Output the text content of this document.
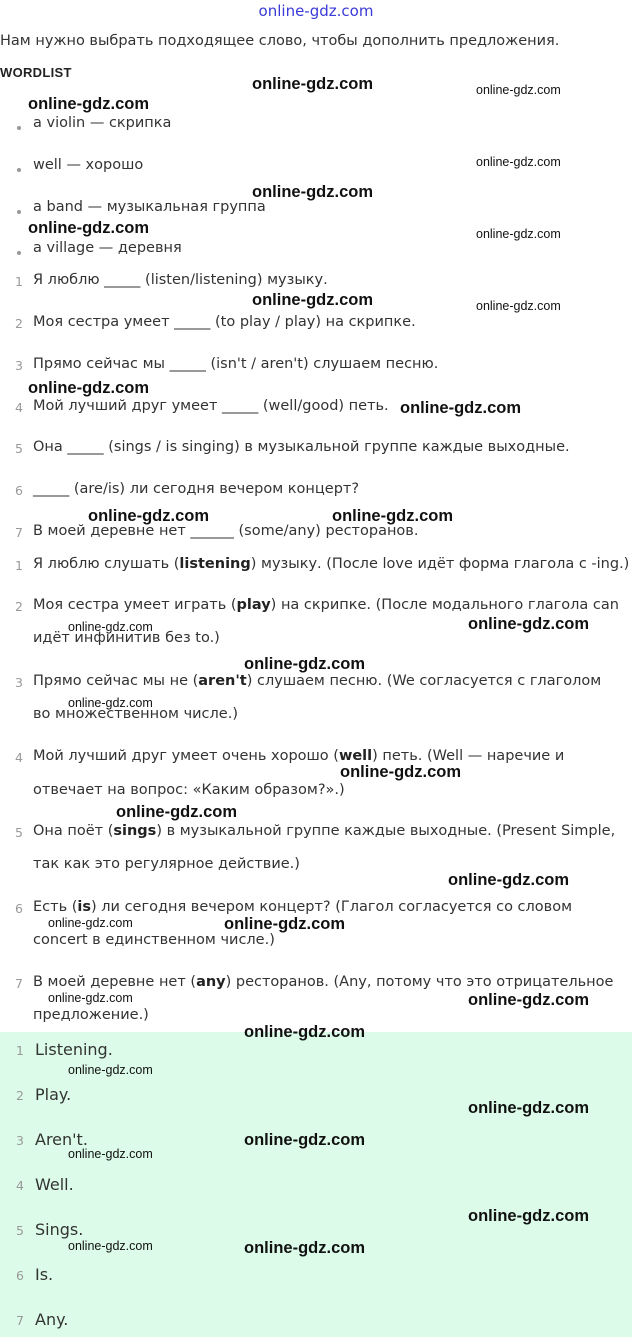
online-gdz.com
Нам нужно выбрать подходящее слово, чтобы дополнить предложения.
WORDLIST
a violin — скрипка
well — хорошо
a band — музыкальная группа
a village — деревня
1 Я люблю _____ (listen/listening) музыку.
2 Моя сестра умеет _____ (to play / play) на скрипке.
3 Прямо сейчас мы _____ (isn't / aren't) слушаем песню.
4 Мой лучший друг умеет _____ (well/good) петь.
5 Она _____ (sings / is singing) в музыкальной группе каждые выходные.
6 _____ (are/is) ли сегодня вечером концерт?
7 В моей деревне нет ______ (some/any) ресторанов.
1 Я люблю слушать (listening) музыку. (После love идёт форма глагола с -ing.)
2 Моя сестра умеет играть (play) на скрипке. (После модального глагола can
идёт инфинитив без to.)
3 Прямо сейчас мы не (aren't) слушаем песню. (We согласуется с глаголом
во множественном числе.)
4 Мой лучший друг умеет очень хорошо (well) петь. (Well — наречие и
отвечает на вопрос: «Каким образом?».)
5 Она поёт (sings) в музыкальной группе каждые выходные. (Present Simple,
так как это регулярное действие.)
6 Есть (is) ли сегодня вечером концерт? (Глагол согласуется со словом
concert в единственном числе.)
7 В моей деревне нет (any) ресторанов. (Any, потому что это отрицательное
предложение.)
1 Listening.
2 Play.
3 Aren't.
4 Well.
5 Sings.
6 Is.
7 Any.
online-gdz.com	online-gdz.com
online-gdz.com
online-gdz.com
online-gdz.com
online-gdz.com	online-gdz.com
online-gdz.com	online-gdz.com
online-gdz.com
online-gdz.com
online-gdz.com	online-gdz.com
online-gdz.com	online-gdz.com
online-gdz.com
online-gdz.com
online-gdz.com
online-gdz.com
online-gdz.com
online-gdz.com	online-gdz.com
online-gdz.com	online-gdz.com
online-gdz.com
online-gdz.com
online-gdz.com
online-gdz.com
online-gdz.com
online-gdz.com
online-gdz.com	online-gdz.com
